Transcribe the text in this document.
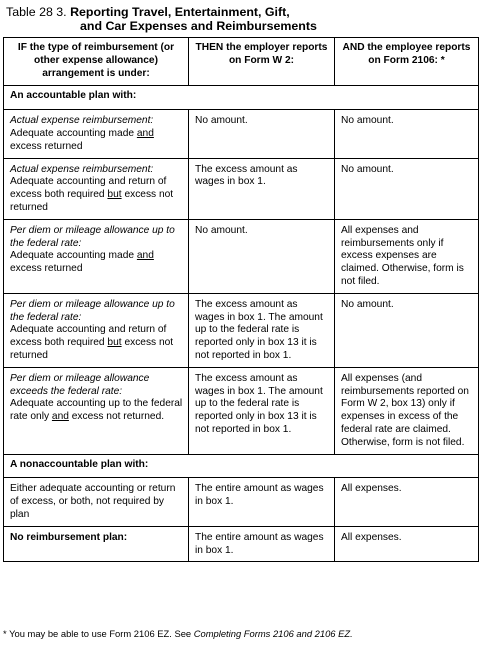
Table 28 3. Reporting Travel, Entertainment, Gift,
and Car Expenses and Reimbursements
IF the type of reimbursement (or other expense allowance) arrangement is under:	THEN the employer reports on Form W 2:	AND the employee reports on Form 2106: *
An accountable plan with:		
Actual expense reimbursement:
Adequate accounting made and
excess returned	No amount.	No amount.
Actual expense reimbursement:
Adequate accounting and return of excess both required but excess not returned	The excess amount as wages in box 1.	No amount.
Per diem or mileage allowance up to the federal rate:
Adequate accounting made and
excess returned	No amount.	All expenses and reimbursements only if excess expenses are claimed. Otherwise, form is not filed.
Per diem or mileage allowance up to the federal rate:
Adequate accounting and return of excess both required but excess not returned	The excess amount as wages in box 1. The amount up to the federal rate is reported only in box 13 it is not reported in box 1.	No amount.
Per diem or mileage allowance exceeds the federal rate:
Adequate accounting up to the federal rate only and excess not returned.	The excess amount as wages in box 1. The amount up to the federal rate is reported only in box 13 it is not reported in box 1.	All expenses (and reimbursements reported on Form W 2, box 13) only if expenses in excess of the federal rate are claimed. Otherwise, form is not filed.
A nonaccountable plan with:		
Either adequate accounting or return of excess, or both, not required by plan	The entire amount as wages in box 1.	All expenses.
No reimbursement plan:	The entire amount as wages in box 1.	All expenses.
* You may be able to use Form 2106 EZ. See Completing Forms 2106 and 2106 EZ.
